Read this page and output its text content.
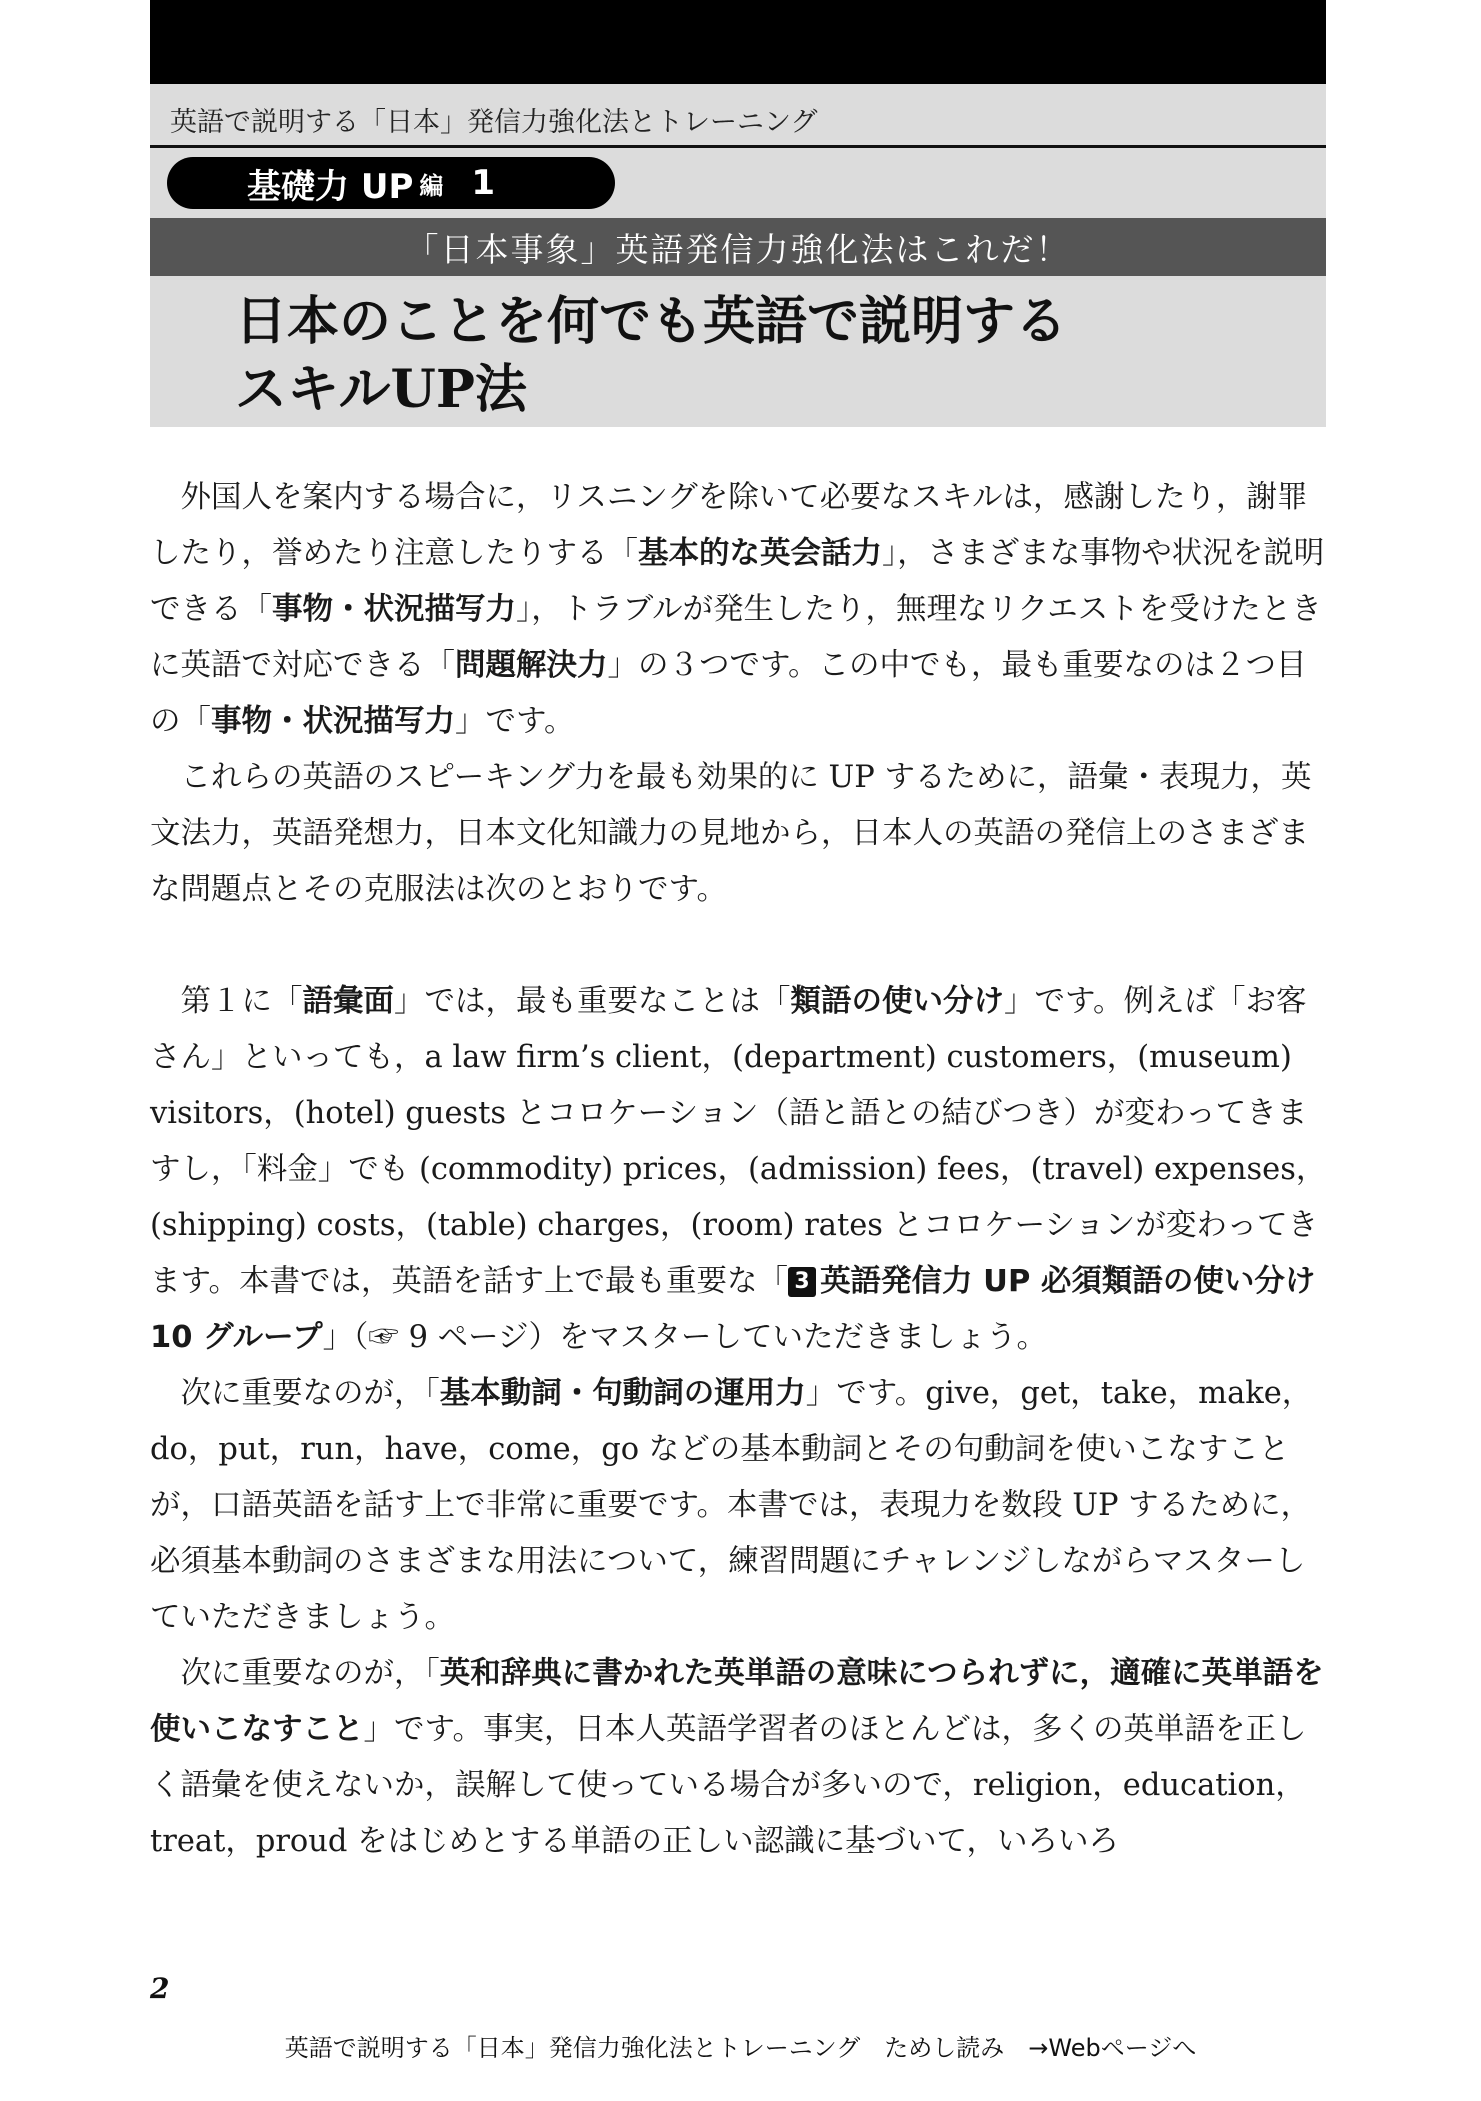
英語で説明する「日本」発信力強化法とトレーニング
基礎力 UP 編 1
「日本事象」英語発信力強化法はこれだ！
日本のことを何でも英語で説明する
スキルUP法

外国人を案内する場合に，リスニングを除いて必要なスキルは，感謝したり，謝罪したり，誉めたり注意したりする「基本的な英会話力」，さまざまな事物や状況を説明できる「事物・状況描写力」，トラブルが発生したり，無理なリクエストを受けたときに英語で対応できる「問題解決力」の３つです。この中でも，最も重要なのは２つ目の「事物・状況描写力」です。

これらの英語のスピーキング力を最も効果的に UP するために，語彙・表現力，英文法力，英語発想力，日本文化知識力の見地から，日本人の英語の発信上のさまざまな問題点とその克服法は次のとおりです。

第１に「語彙面」では，最も重要なことは「類語の使い分け」です。例えば「お客さん」といっても，a law firm’s client，(department) customers，(museum) visitors，(hotel) guests とコロケーション（語と語との結びつき）が変わってきますし，「料金」でも (commodity) prices，(admission) fees，(travel) expenses，(shipping) costs，(table) charges，(room) rates とコロケーションが変わってきます。本書では，英語を話す上で最も重要な「 3 英語発信力 UP 必須類語の使い分け 10 グループ」（☞ 9 ページ）をマスターしていただきましょう。

次に重要なのが，「基本動詞・句動詞の運用力」です。give，get，take，make，do，put，run，have，come，go などの基本動詞とその句動詞を使いこなすことが，口語英語を話す上で非常に重要です。本書では，表現力を数段 UP するために，必須基本動詞のさまざまな用法について，練習問題にチャレンジしながらマスターしていただきましょう。

次に重要なのが，「英和辞典に書かれた英単語の意味につられずに，適確に英単語を使いこなすこと」です。事実，日本人英語学習者のほとんどは，多くの英単語を正しく語彙を使えないか，誤解して使っている場合が多いので，religion，education，treat，proud をはじめとする単語の正しい認識に基づいて，いろいろ

2
英語で説明する「日本」発信力強化法とトレーニング　ためし読み　→Webページへ
